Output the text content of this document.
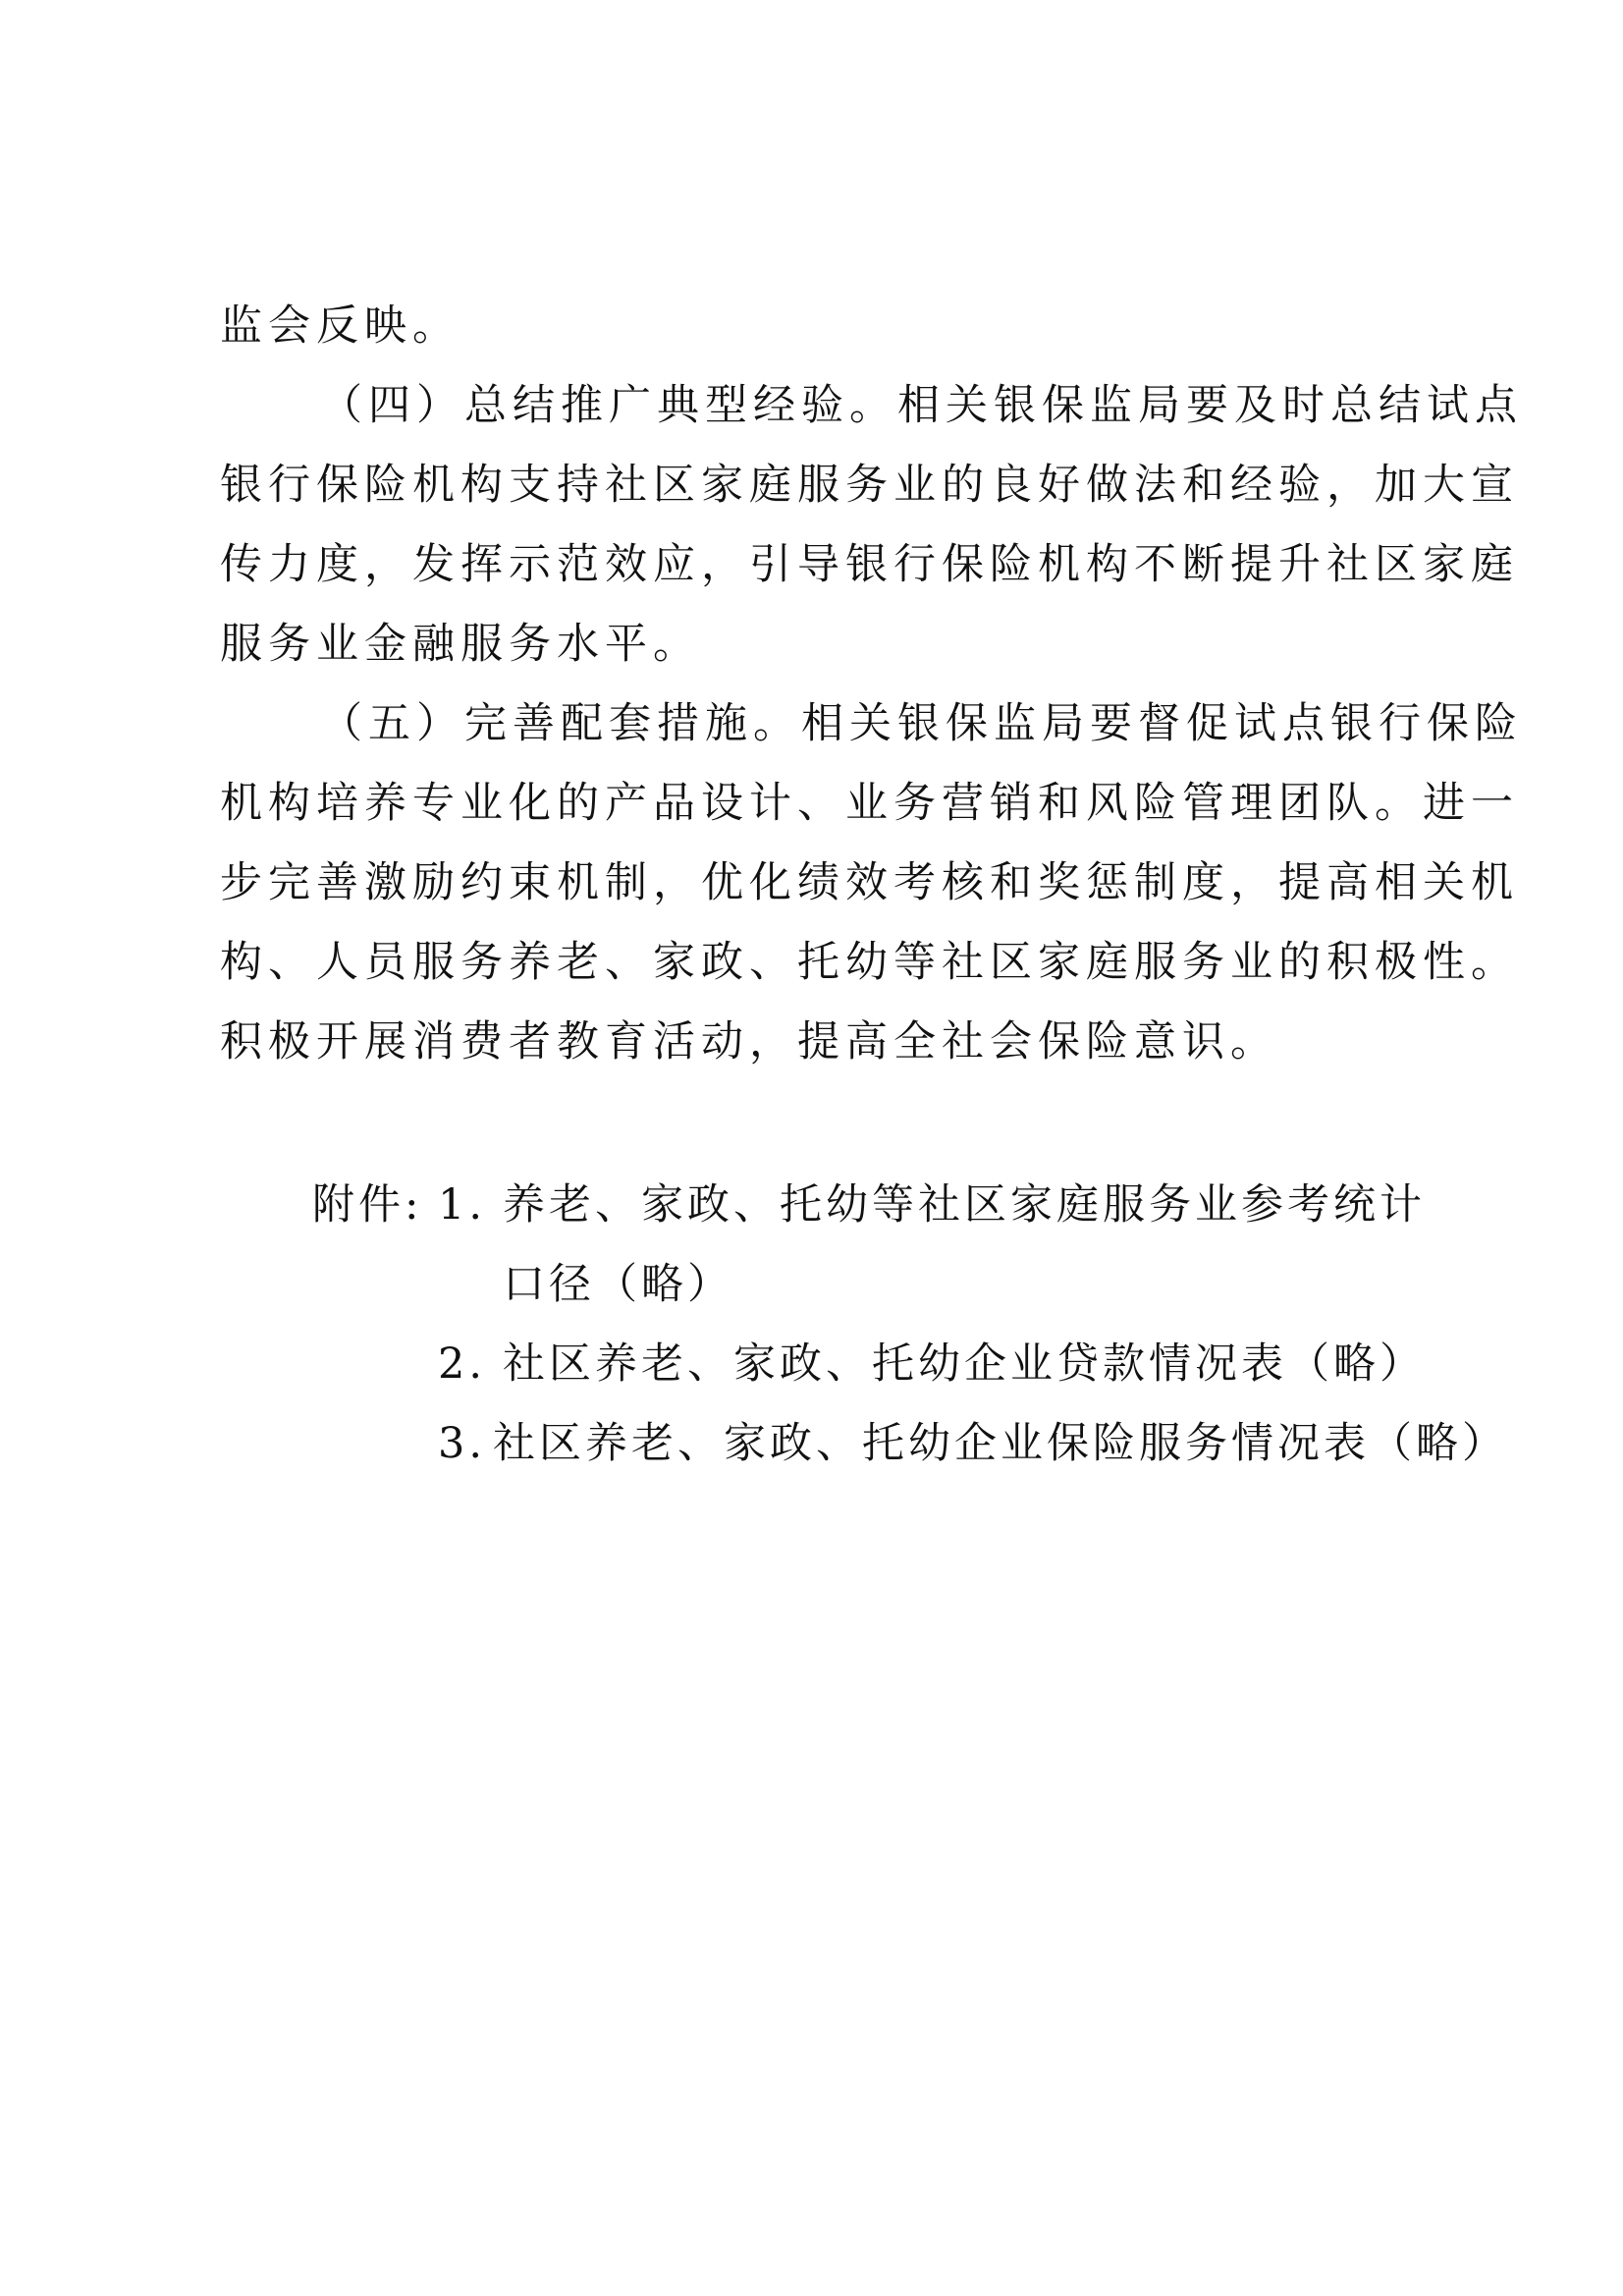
监会反映。
（四）总结推广典型经验。相关银保监局要及时总结试点
银行保险机构支持社区家庭服务业的良好做法和经验，加大宣
传力度，发挥示范效应，引导银行保险机构不断提升社区家庭
服务业金融服务水平。
（五）完善配套措施。相关银保监局要督促试点银行保险
机构培养专业化的产品设计、业务营销和风险管理团队。进一
步完善激励约束机制，优化绩效考核和奖惩制度，提高相关机
构、人员服务养老、家政、托幼等社区家庭服务业的积极性。
积极开展消费者教育活动，提高全社会保险意识。
附件: 1. 养老、家政、托幼等社区家庭服务业参考统计
口径（略）
2. 社区养老、家政、托幼企业贷款情况表（略）
3. 社区养老、家政、托幼企业保险服务情况表（略）
